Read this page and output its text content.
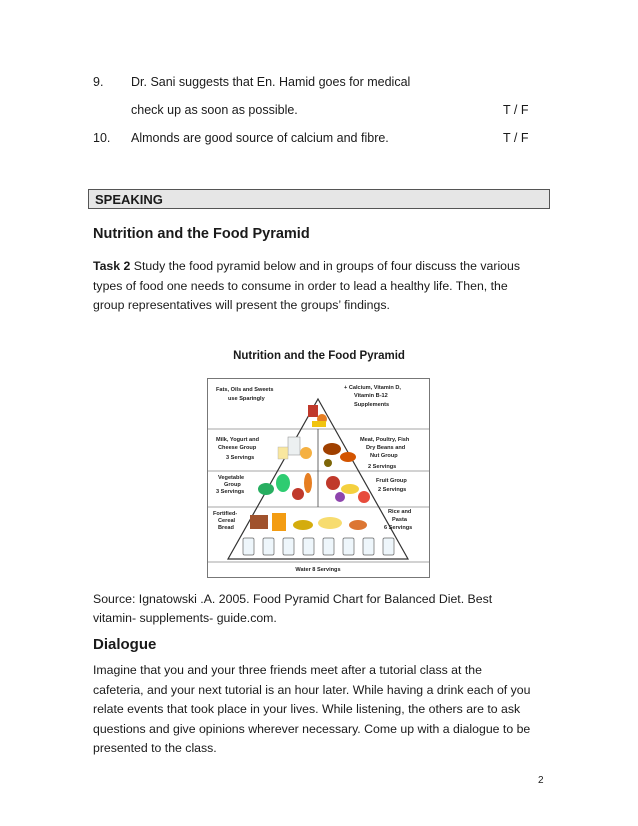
9. Dr. Sani suggests that En. Hamid goes for medical
check up as soon as possible.	T / F
10. Almonds are good source of calcium and fibre.	T / F
SPEAKING
Nutrition and the Food Pyramid
Task 2 Study the food pyramid below and in groups of four discuss the various
types of food one needs to consume in order to lead a healthy life. Then, the
group representatives will present the groups’ findings.
Nutrition and the Food Pyramid
Fats, Oils and Sweets
use Sparingly
+ Calcium, Vitamin D,
Vitamin B-12
Supplements
Milk, Yogurt and
Cheese Group
3 Servings
Meat, Poultry, Fish
Dry Beans and
Nut Group
2 Servings
Vegetable
Group
3 Servings
Fruit Group
2 Servings
Fortified-
Cereal
Bread
Rice and
Pasta
6 Servings
Water 8 Servings
Source: Ignatowski .A. 2005. Food Pyramid Chart for Balanced Diet. Best
vitamin- supplements- guide.com.
Dialogue
Imagine that you and your three friends meet after a tutorial class at the
cafeteria, and your next tutorial is an hour later. While having a drink each of you
relate events that took place in your lives. While listening, the others are to ask
questions and give opinions wherever necessary. Come up with a dialogue to be
presented to the class.
2
